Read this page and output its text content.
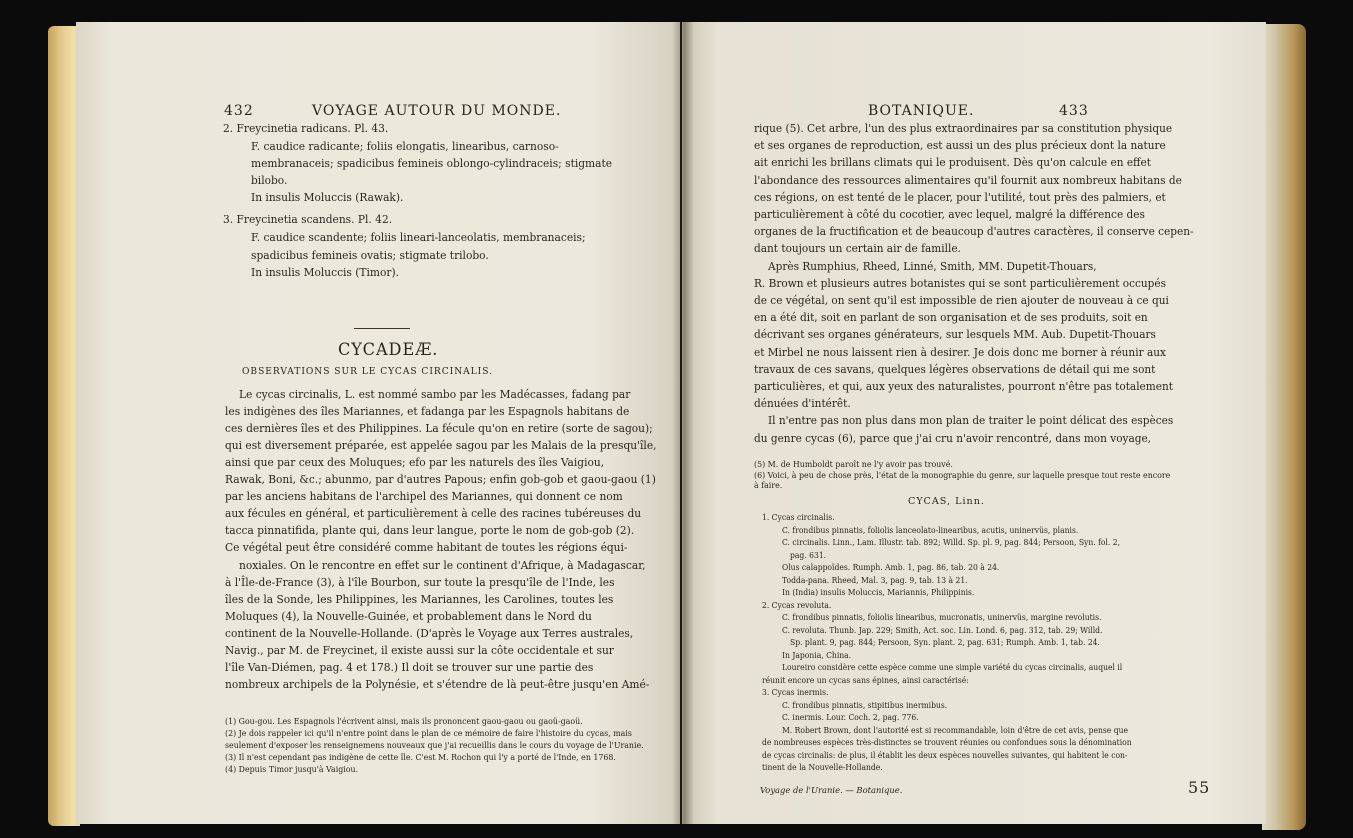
432	VOYAGE AUTOUR DU MONDE.
2. Freycinetia radicans. Pl. 43.
F. caudice radicante; foliis elongatis, linearibus, carnoso-
membranaceis; spadicibus femineis oblongo-cylindraceis; stigmate
bilobo.
In insulis Moluccis (Rawak).
3. Freycinetia scandens. Pl. 42.
F. caudice scandente; foliis lineari-lanceolatis, membranaceis;
spadicibus femineis ovatis; stigmate trilobo.
In insulis Moluccis (Timor).
CYCADEÆ.
OBSERVATIONS SUR LE CYCAS CIRCINALIS.
Le cycas circinalis, L. est nommé sambo par les Madécasses, fadang par
les indigènes des îles Mariannes, et fadanga par les Espagnols habitans de
ces dernières îles et des Philippines. La fécule qu'on en retire (sorte de sagou);
qui est diversement préparée, est appelée sagou par les Malais de la presqu'île,
ainsi que par ceux des Moluques; efo par les naturels des îles Vaigiou,
Rawak, Boni, &c.; abunmo, par d'autres Papous; enfin gob-gob et gaou-gaou (1)
par les anciens habitans de l'archipel des Mariannes, qui donnent ce nom
aux fécules en général, et particulièrement à celle des racines tubéreuses du
tacca pinnatifida, plante qui, dans leur langue, porte le nom de gob-gob (2).
Ce végétal peut être considéré comme habitant de toutes les régions équi-
noxiales. On le rencontre en effet sur le continent d'Afrique, à Madagascar,
à l'Île-de-France (3), à l'île Bourbon, sur toute la presqu'île de l'Inde, les
îles de la Sonde, les Philippines, les Mariannes, les Carolines, toutes les
Moluques (4), la Nouvelle-Guinée, et probablement dans le Nord du
continent de la Nouvelle-Hollande. (D'après le Voyage aux Terres australes,
Navig., par M. de Freycinet, il existe aussi sur la côte occidentale et sur
l'île Van-Diémen, pag. 4 et 178.) Il doit se trouver sur une partie des
nombreux archipels de la Polynésie, et s'étendre de là peut-être jusqu'en Amé-
(1) Gou-gou. Les Espagnols l'écrivent ainsi, mais ils prononcent gaou-gaou ou gaoü-gaoü.
(2) Je dois rappeler ici qu'il n'entre point dans le plan de ce mémoire de faire l'histoire du cycas, mais
seulement d'exposer les renseignemens nouveaux que j'ai recueillis dans le cours du voyage de l'Uranie.
(3) Il n'est cependant pas indigène de cette île. C'est M. Rochon qui l'y a porté de l'Inde, en 1768.
(4) Depuis Timor jusqu'à Vaigiou.
BOTANIQUE.	433
rique (5). Cet arbre, l'un des plus extraordinaires par sa constitution physique
et ses organes de reproduction, est aussi un des plus précieux dont la nature
ait enrichi les brillans climats qui le produisent. Dès qu'on calcule en effet
l'abondance des ressources alimentaires qu'il fournit aux nombreux habitans de
ces régions, on est tenté de le placer, pour l'utilité, tout près des palmiers, et
particulièrement à côté du cocotier, avec lequel, malgré la différence des
organes de la fructification et de beaucoup d'autres caractères, il conserve cepen-
dant toujours un certain air de famille.
Après Rumphius, Rheed, Linné, Smith, MM. Dupetit-Thouars,
R. Brown et plusieurs autres botanistes qui se sont particulièrement occupés
de ce végétal, on sent qu'il est impossible de rien ajouter de nouveau à ce qui
en a été dit, soit en parlant de son organisation et de ses produits, soit en
décrivant ses organes générateurs, sur lesquels MM. Aub. Dupetit-Thouars
et Mirbel ne nous laissent rien à desirer. Je dois donc me borner à réunir aux
travaux de ces savans, quelques légères observations de détail qui me sont
particulières, et qui, aux yeux des naturalistes, pourront n'être pas totalement
dénuées d'intérêt.
Il n'entre pas non plus dans mon plan de traiter le point délicat des espèces
du genre cycas (6), parce que j'ai cru n'avoir rencontré, dans mon voyage,
(5) M. de Humboldt paroît ne l'y avoir pas trouvé.
(6) Voici, à peu de chose près, l'état de la monographie du genre, sur laquelle presque tout reste encore
à faire.
CYCAS, Linn.
1. Cycas circinalis.
C. frondibus pinnatis, foliolis lanceolato-linearibus, acutis, uninervüs, planis.
C. circinalis. Linn., Lam. Illustr. tab. 892; Willd. Sp. pl. 9, pag. 844; Persoon, Syn. fol. 2,
pag. 631.
Olus calappoïdes. Rumph. Amb. 1, pag. 86, tab. 20 à 24.
Todda-pana. Rheed, Mal. 3, pag. 9, tab. 13 à 21.
In (India) insulis Moluccis, Mariannis, Philippinis.
2. Cycas revoluta.
C. frondibus pinnatis, foliolis linearibus, mucronatis, uninervüs, margine revolutis.
C. revoluta. Thunb. Jap. 229; Smith, Act. soc. Lin. Lond. 6, pag. 312, tab. 29; Willd.
Sp. plant. 9, pag. 844; Persoon, Syn. plant. 2, pag. 631; Rumph. Amb. 1, tab. 24.
In Japonia, China.
Loureiro considère cette espèce comme une simple variété du cycas circinalis, auquel il
réunit encore un cycas sans épines, ainsi caractérisé:
3. Cycas inermis.
C. frondibus pinnatis, stipitibus inermibus.
C. inermis. Lour. Coch. 2, pag. 776.
M. Robert Brown, dont l'autorité est si recommandable, loin d'être de cet avis, pense que
de nombreuses espèces très-distinctes se trouvent réunies ou confondues sous la dénomination
de cycas circinalis: de plus, il établit les deux espèces nouvelles suivantes, qui habitent le con-
tinent de la Nouvelle-Hollande.
Voyage de l'Uranie. — Botanique.	55
